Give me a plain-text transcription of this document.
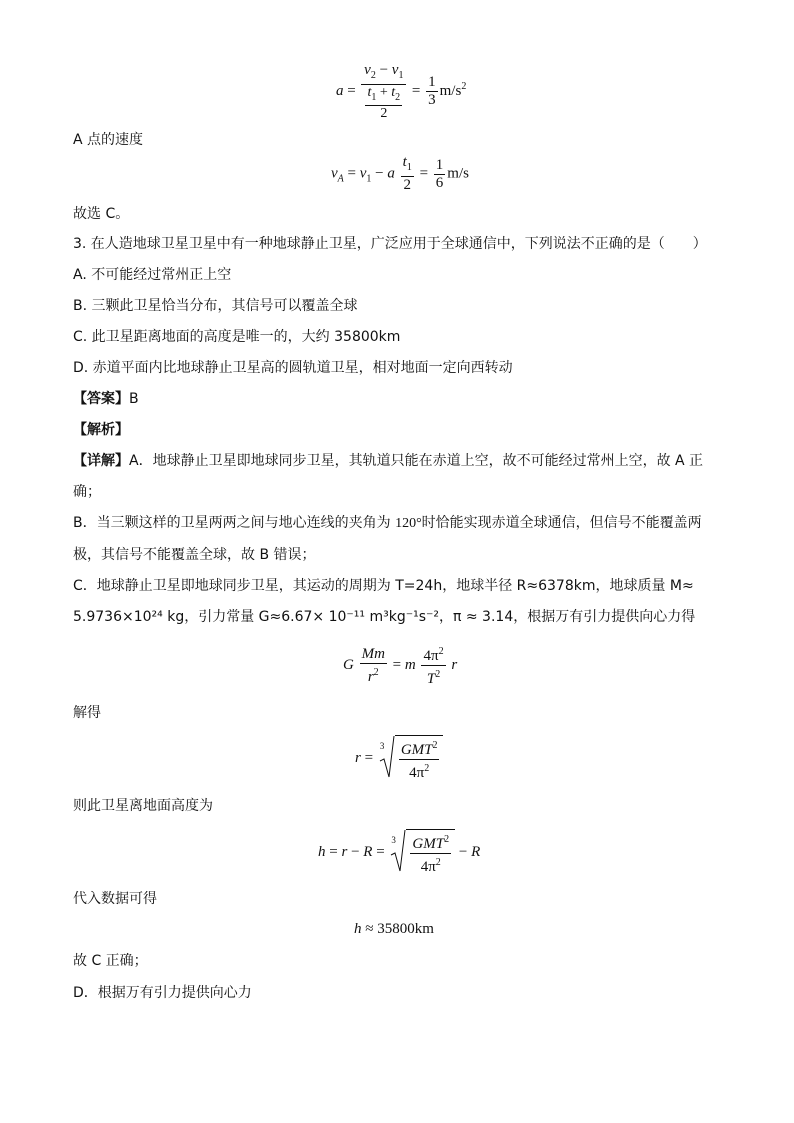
$a = \frac{v_2 - v_1}{\frac{t_1 + t_2}{2}} = \frac{1}{3} m/s^2$
A 点的速度
$v_A = v_1 - a \frac{t_1}{2} = \frac{1}{6} m/s$
故选 C。
3. 在人造地球卫星卫星中有一种地球静止卫星，广泛应用于全球通信中，下列说法不正确的是（　　）
A. 不可能经过常州正上空
B. 三颗此卫星恰当分布，其信号可以覆盖全球
C. 此卫星距离地面的高度是唯一的，大约 35800km
D. 赤道平面内比地球静止卫星高的圆轨道卫星，相对地面一定向西转动
【答案】B
【解析】
【详解】A．地球静止卫星即地球同步卫星，其轨道只能在赤道上空，故不可能经过常州上空，故 A 正
确；
B．当三颗这样的卫星两两之间与地心连线的夹角为 120°时恰能实现赤道全球通信，但信号不能覆盖两
极，其信号不能覆盖全球，故 B 错误；
C．地球静止卫星即地球同步卫星，其运动的周期为 T=24h，地球半径 R≈6378km，地球质量 M≈
5.9736×10²⁴ kg，引力常量 G≈6.67× 10⁻¹¹ m³kg⁻¹s⁻²，π ≈ 3.14，根据万有引力提供向心力得
G $\frac{Mm}{r^2} = m \frac{4\pi^2}{T^2}$ r
解得
r =
$3 \frac{GMT^2}{4\pi^2}$
则此卫星离地面高度为
h = r − R =
$3 \frac{GMT^2}{4\pi^2} - R$
代入数据可得
h ≈ 35800km
故 C 正确；
D．根据万有引力提供向心力
